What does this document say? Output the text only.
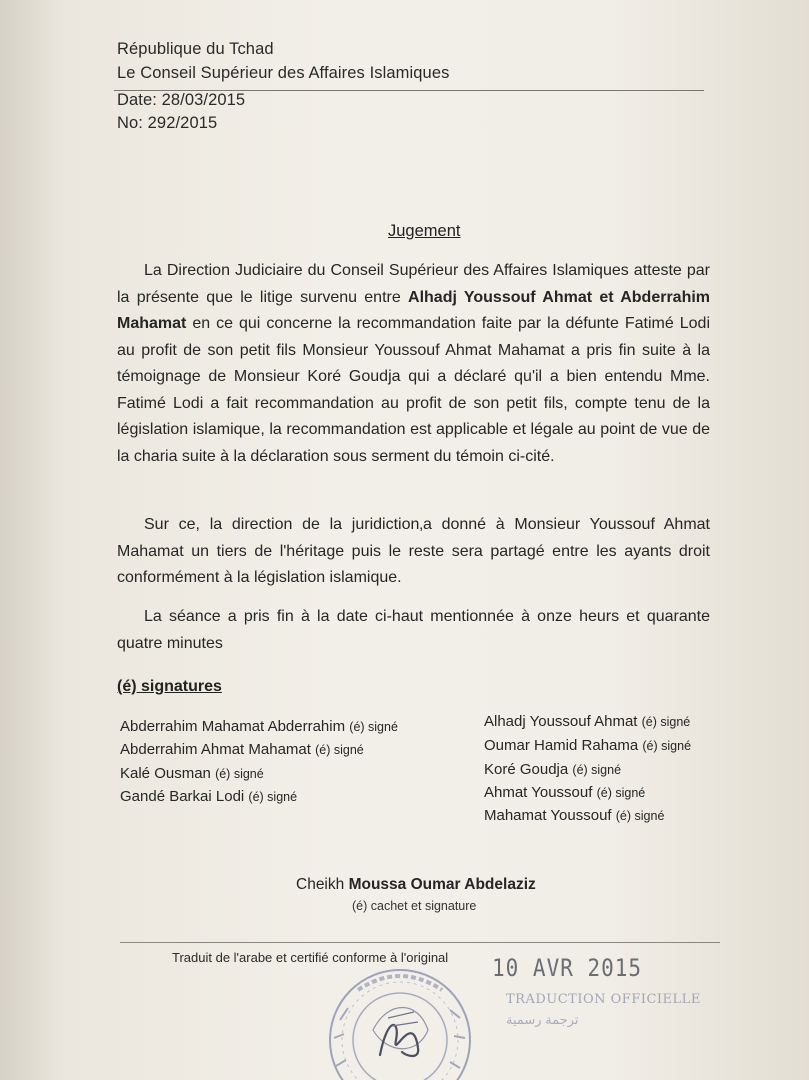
République du Tchad
Le Conseil Supérieur des Affaires Islamiques
Date: 28/03/2015
No: 292/2015
Jugement
La Direction Judiciaire du Conseil Supérieur des Affaires Islamiques atteste par la présente que le litige survenu entre Alhadj Youssouf Ahmat et Abderrahim Mahamat en ce qui concerne la recommandation faite par la défunte Fatimé Lodi au profit de son petit fils Monsieur Youssouf Ahmat Mahamat a pris fin suite à la témoignage de Monsieur Koré Goudja qui a déclaré qu'il a bien entendu Mme. Fatimé Lodi a fait recommandation au profit de son petit fils, compte tenu de la législation islamique, la recommandation est applicable et légale au point de vue de la charia suite à la déclaration sous serment du témoin ci-cité.
Sur ce, la direction de la juridiction‚a donné à Monsieur Youssouf Ahmat Mahamat un tiers de l'héritage puis le reste sera partagé entre les ayants droit conformément à la législation islamique.
La séance a pris fin à la date ci-haut mentionnée à onze heurs et quarante quatre minutes
(é) signatures
Abderrahim Mahamat Abderrahim (é) signé
Abderrahim Ahmat Mahamat (é) signé
Kalé Ousman (é) signé
Gandé Barkai Lodi (é) signé
Alhadj Youssouf Ahmat (é) signé
Oumar Hamid Rahama (é) signé
Koré Goudja (é) signé
Ahmat Youssouf (é) signé
Mahamat Youssouf (é) signé
Cheikh Moussa Oumar Abdelaziz
(é) cachet et signature
Traduit de l'arabe et certifié conforme à l'original 10 AVR 2015
TRADUCTION OFFICIELLE
ترجمة رسمية
